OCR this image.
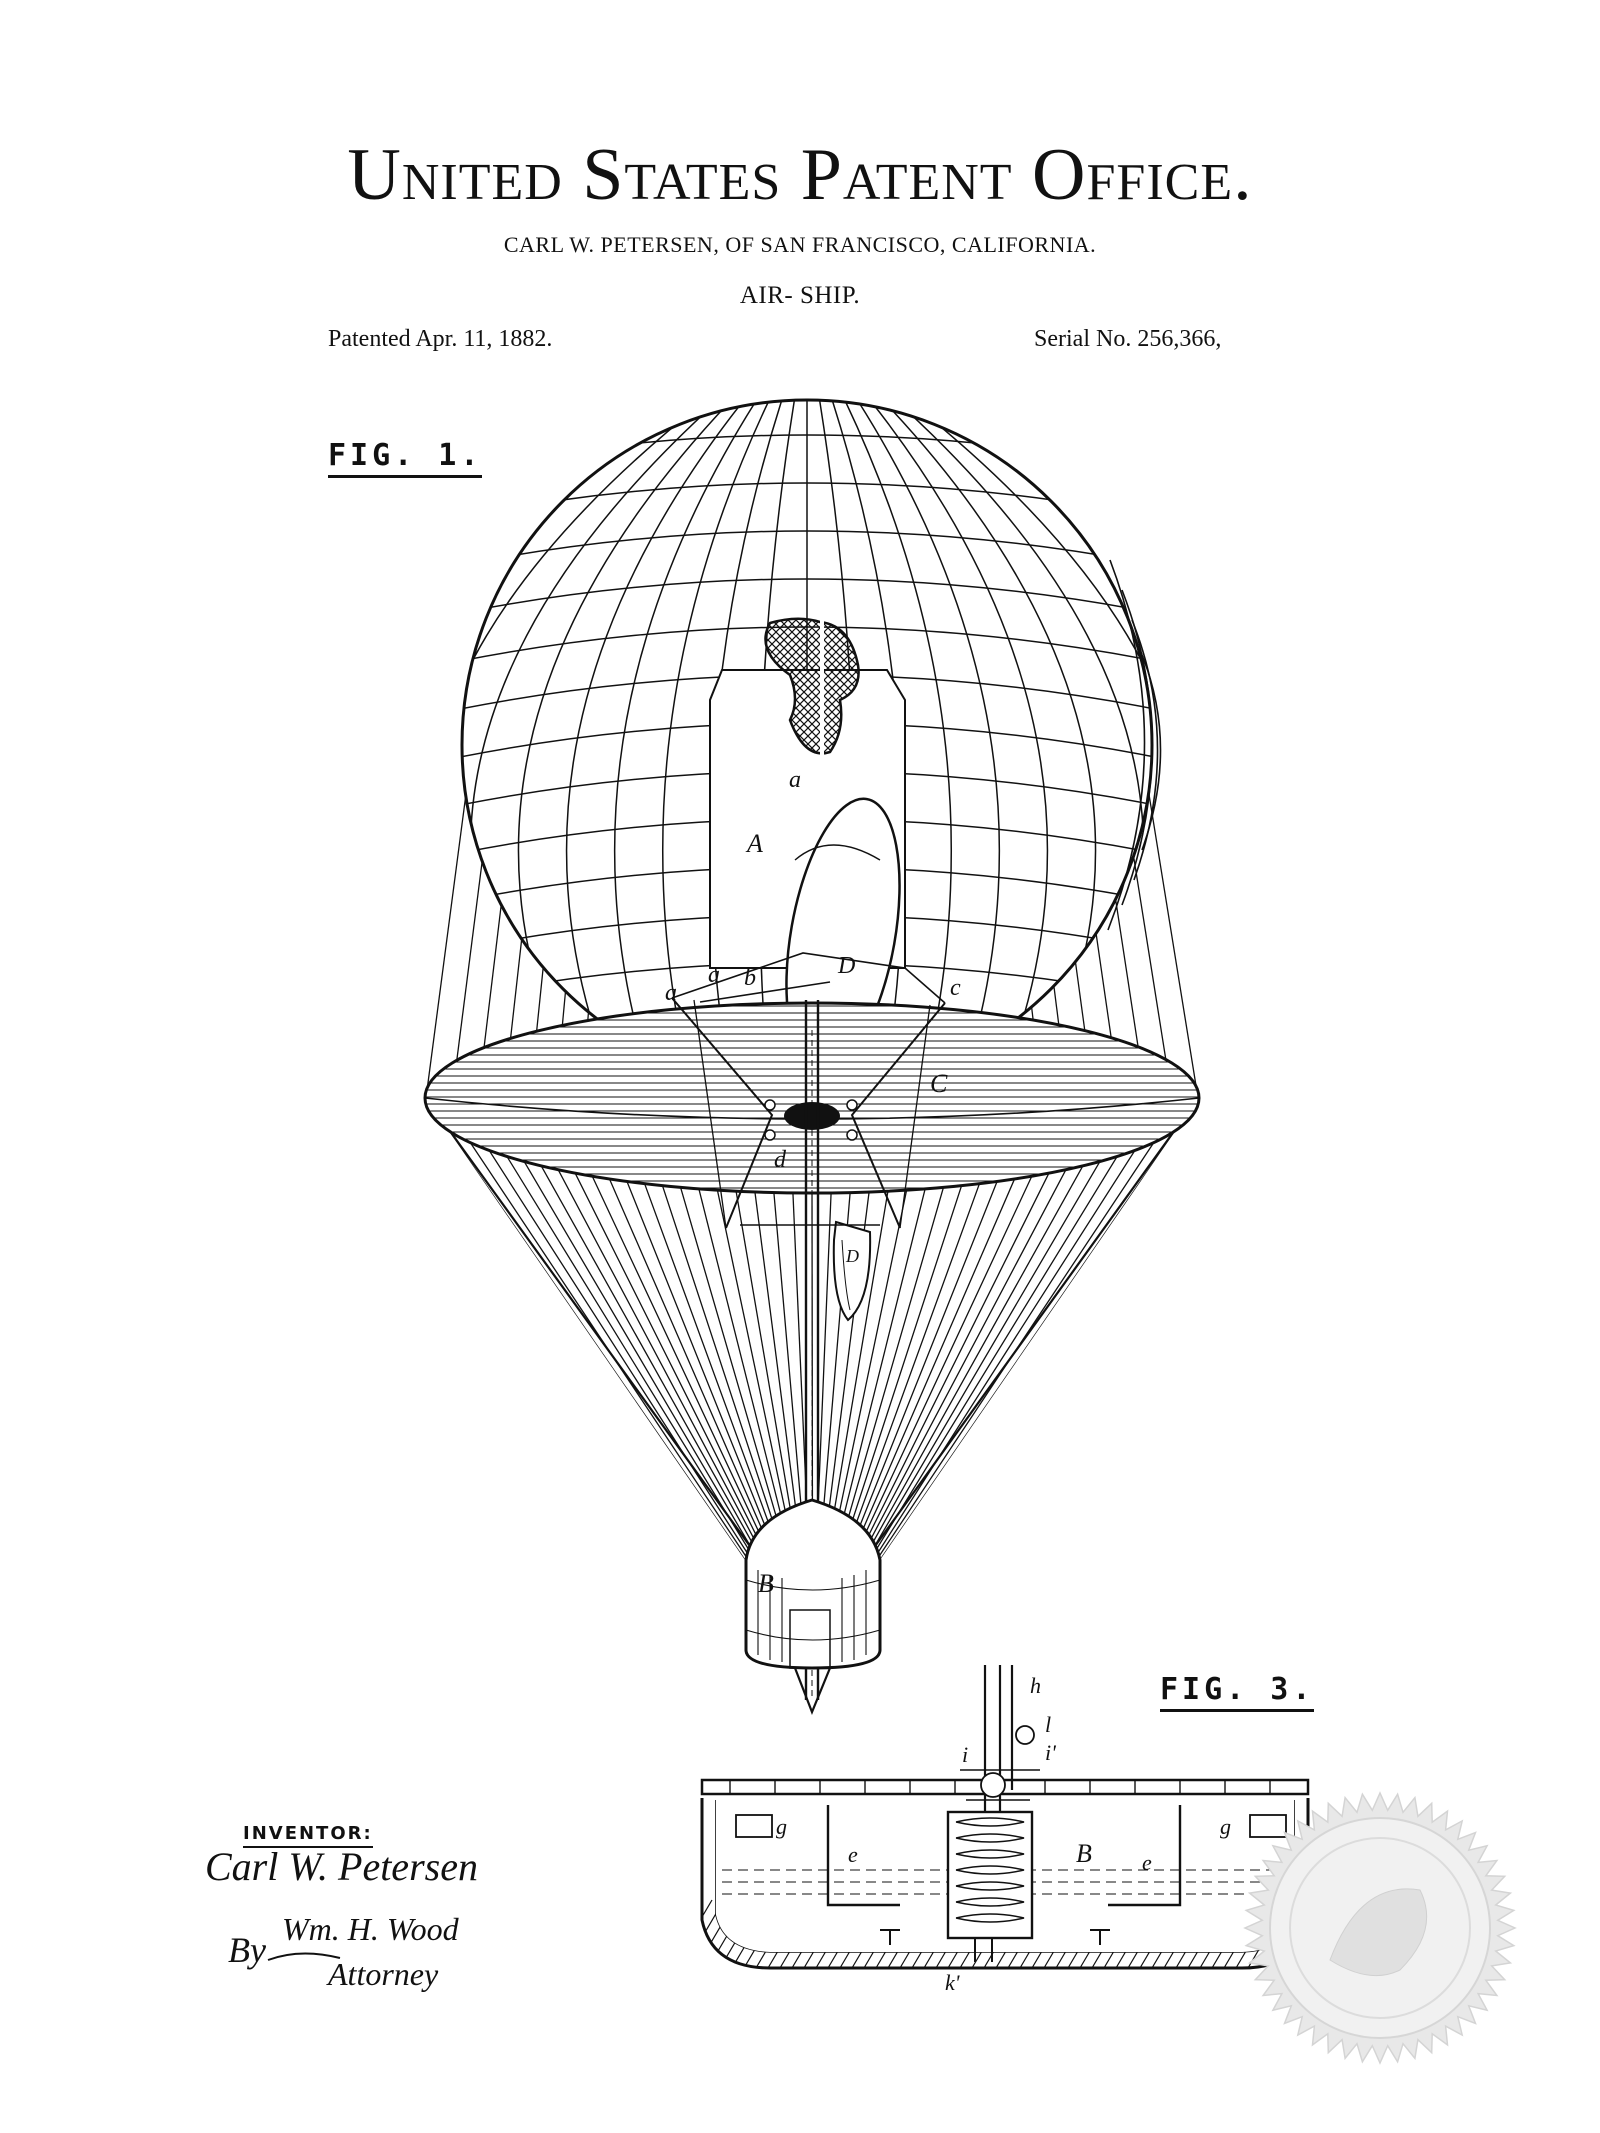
United States Patent Office.
CARL W. PETERSEN, OF SAN FRANCISCO, CALIFORNIA.
AIR- SHIP.
Patented Apr. 11, 1882.	Serial No. 256,366,
FIG. 1.
FIG. 3.
INVENTOR:
a
A
a
a b	D
c
C
d
D
B
h
l
i'
i
g
e	B
g
e
k'
Carl W. Petersen
By
Wm. H. Wood
Attorney
